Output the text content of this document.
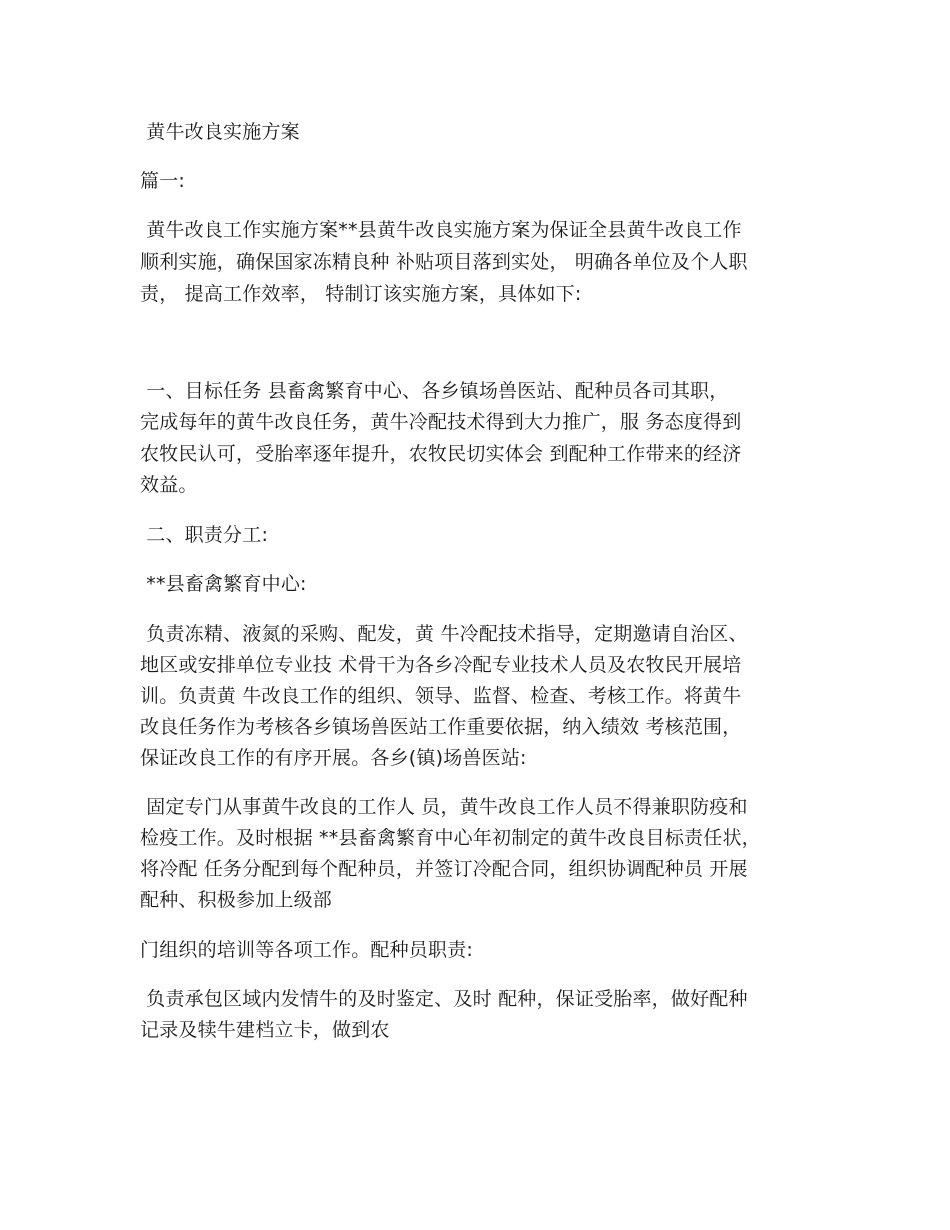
黄牛改良实施方案
篇一:
黄牛改良工作实施方案**县黄牛改良实施方案为保证全县黄牛改良工作
顺利实施，确保国家冻精良种 补贴项目落到实处， 明确各单位及个人职
责， 提高工作效率， 特制订该实施方案，具体如下:
一、目标任务 县畜禽繁育中心、各乡镇场兽医站、配种员各司其职，
完成每年的黄牛改良任务，黄牛冷配技术得到大力推广，服 务态度得到
农牧民认可，受胎率逐年提升，农牧民切实体会 到配种工作带来的经济
效益。
二、职责分工:
**县畜禽繁育中心:
负责冻精、液氮的采购、配发，黄 牛冷配技术指导，定期邀请自治区、
地区或安排单位专业技 术骨干为各乡冷配专业技术人员及农牧民开展培
训。负责黄 牛改良工作的组织、领导、监督、检查、考核工作。将黄牛
改良任务作为考核各乡镇场兽医站工作重要依据，纳入绩效 考核范围，
保证改良工作的有序开展。各乡(镇)场兽医站:
固定专门从事黄牛改良的工作人 员，黄牛改良工作人员不得兼职防疫和
检疫工作。及时根据 **县畜禽繁育中心年初制定的黄牛改良目标责任状，
将冷配 任务分配到每个配种员，并签订冷配合同，组织协调配种员 开展
配种、积极参加上级部
门组织的培训等各项工作。配种员职责:
负责承包区域内发情牛的及时鉴定、及时 配种，保证受胎率，做好配种
记录及犊牛建档立卡，做到农
